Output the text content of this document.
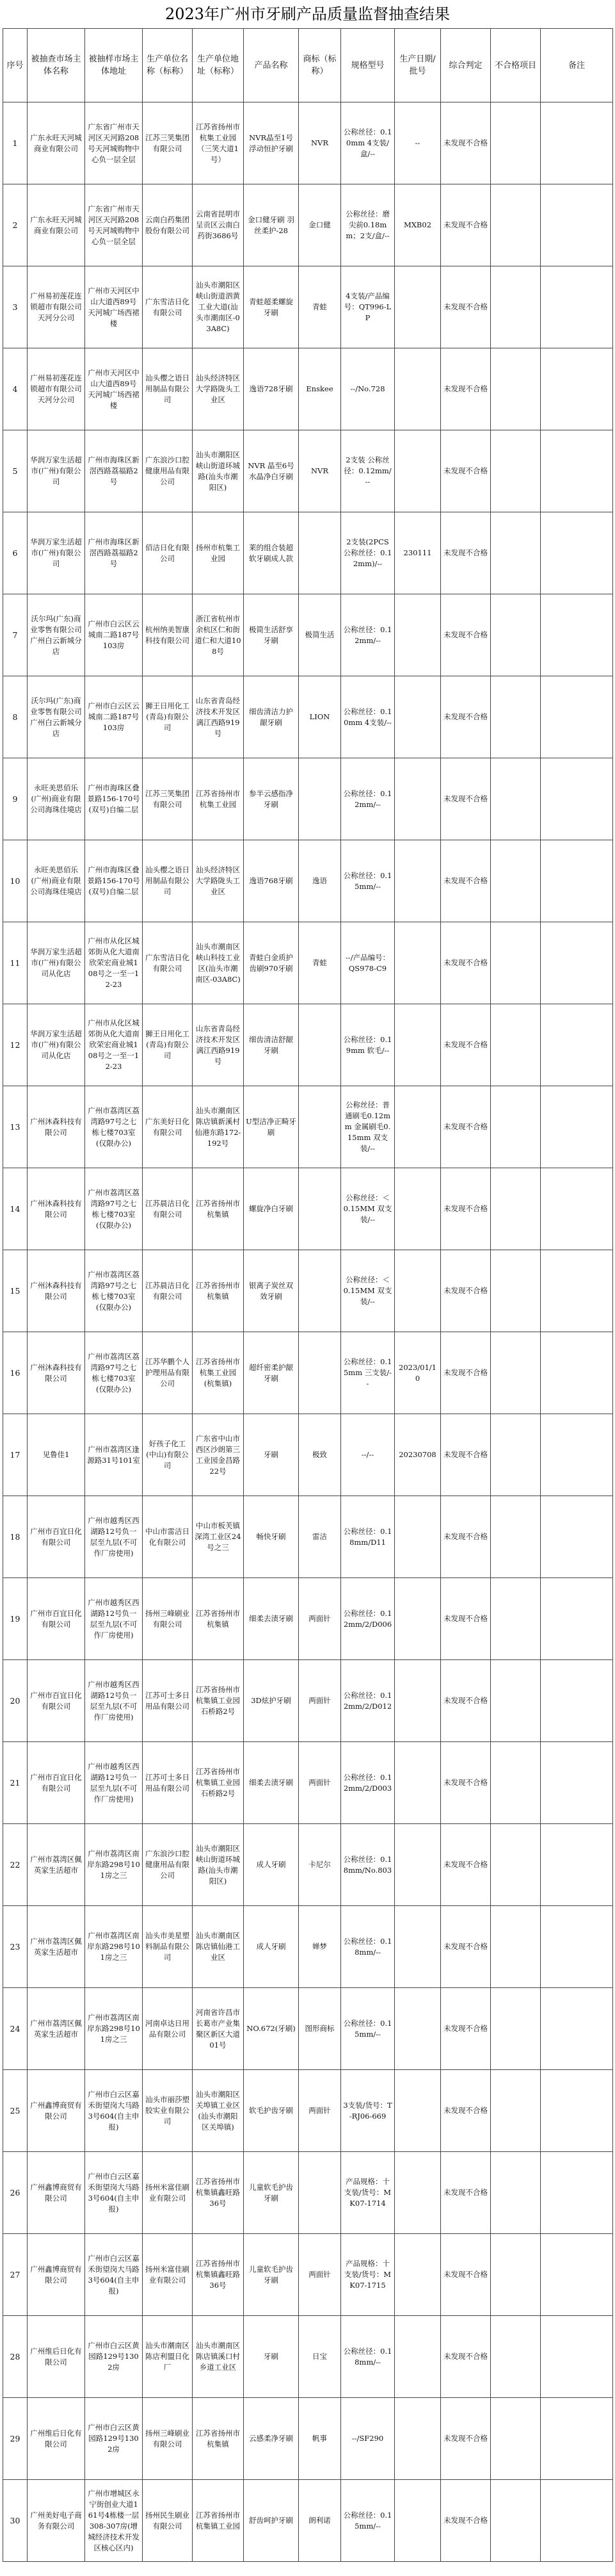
2023年广州市牙刷产品质量监督抽查结果
序号	被抽查市场主体名称	被抽样市场主体地址	生产单位名称（标称）	生产单位地址（标称）	产品名称	商标（标称）	规格型号	生产日期/批号	综合判定	不合格项目	备注
1	广东永旺天河城商业有限公司	广东省广州市天河区天河路208号天河城购物中心负一层全层	江苏三笑集团有限公司	江苏省扬州市杭集工业园（三笑大道1号）	NVR晶至1号浮动恒护牙刷	NVR	公称丝径：0.10mm 4支装/盒/--	--	未发现不合格		
2	广东永旺天河城商业有限公司	广东省广州市天河区天河路208号天河城购物中心负一层全层	云南白药集团股份有限公司	云南省昆明市呈贡区云南白药街3686号	金口健牙刷 羽丝柔护-28	金口健	公称丝径：磨尖前0.18mm；2支/盒/--	MXB02	未发现不合格		
3	广州易初莲花连锁超市有限公司天河分公司	广州市天河区中山大道西89号天河城广场西裙楼	广东雪洁日化有限公司	汕头市潮阳区峡山街道泗黄工业大道(汕头市潮南区-03A8C)	青蛙超柔螺旋牙刷	青蛙	4支装/产品编号：QT996-LP		未发现不合格		
4	广州易初莲花连锁超市有限公司天河分公司	广州市天河区中山大道西89号天河城广场西裙楼	汕头樱之语日用制品有限公司	汕头经济特区大学路陇头工业区	逸语728牙刷	Enskee	--/No.728		未发现不合格		
5	华润万家生活超市(广州)有限公司	广州市海珠区新滘西路荔福路2号	广东浪沙口腔健康用品有限公司	汕头市潮阳区峡山街道环城路(汕头市潮阳区)	NVR 晶至6号水晶净白牙刷	NVR	2支装 公称丝径：0.12mm/--		未发现不合格		
6	华润万家生活超市(广州)有限公司	广州市海珠区新滘西路荔福路2号	佰洁日化有限公司	扬州市杭集工业园	莱的组合装超软牙刷成人款		2支装(2PCS公称丝径：0.12mm)/--	230111	未发现不合格		
7	沃尔玛(广东)商业零售有限公司广州白云新城分店	广州市白云区云城南二路187号103房	杭州纳美智康科技有限公司	浙江省杭州市余杭区仁和街道仁和大道108号	极简生活舒享牙刷	极简生活	公称丝径：0.12mm/--		未发现不合格		
8	沃尔玛(广东)商业零售有限公司广州白云新城分店	广州市白云区云城南二路187号103房	狮王日用化工(青岛)有限公司	山东省青岛经济技术开发区漓江西路919号	细齿清洁力护龈牙刷	LION	公称丝径：0.10mm 4支装/--		未发现不合格		
9	永旺美思佰乐(广州)商业有限公司海珠佳境店	广州市海珠区叠景路156-170号(双号)自编二层	江苏三笑集团有限公司	江苏省扬州市杭集工业园	参半云感指净牙刷		公称丝径：0.12mm/--		未发现不合格		
10	永旺美思佰乐(广州)商业有限公司海珠佳境店	广州市海珠区叠景路156-170号(双号)自编二层	汕头樱之语日用制品有限公司	汕头经济特区大学路陇头工业区	逸语768牙刷	逸语	公称丝径：0.15mm/--		未发现不合格		
11	华润万家生活超市(广州)有限公司从化店	广州市从化区城郊街从化大道南欣荣宏商业城108号之一至一12-23	广东雪洁日化有限公司	汕头市潮南区峡山科技工业区(汕头市潮南区-03A8C)	青蛙白金质护齿刷970牙刷	青蛙	--/产品编号：QS978-C9		未发现不合格		
12	华润万家生活超市(广州)有限公司从化店	广州市从化区城郊街从化大道南欣荣宏商业城108号之一至一12-23	狮王日用化工(青岛)有限公司	山东省青岛经济技术开发区漓江西路919号	细齿清洁舒龈牙刷		公称丝径：0.19mm 软毛/--		未发现不合格		
13	广州沐森科技有限公司	广州市荔湾区荔湾路97号之七栋七楼703室(仅限办公)	广东美好日化有限公司	汕头市潮南区陈店镇新溪村仙港东路172-192号	U型洁净正畸牙刷		公称丝径：普通刷毛0.12mm 金属刷毛0.15mm 双支装/--		未发现不合格		
14	广州沐森科技有限公司	广州市荔湾区荔湾路97号之七栋七楼703室(仅限办公)	江苏晨洁日化有限公司	江苏省扬州市杭集镇	螺旋净白牙刷		公称丝径：＜0.15MM 双支装/--		未发现不合格		
15	广州沐森科技有限公司	广州市荔湾区荔湾路97号之七栋七楼703室(仅限办公)	江苏晨洁日化有限公司	江苏省扬州市杭集镇	银离子炭丝双效牙刷		公称丝径：＜0.15MM 双支装/--		未发现不合格		
16	广州沐森科技有限公司	广州市荔湾区荔湾路97号之七栋七楼703室(仅限办公)	江苏华鹏个人护理用品有限公司	江苏省扬州市杭集工业园(杭集镇)	超纤密柔护龈牙刷		公称丝径：0.15mm 三支装/--	2023/01/10	未发现不合格		
17	见鲁佳1	广州市荔湾区逢源路31号101室	好孩子化工(中山)有限公司	广东省中山市西区沙朗第三工业园金昌路22号	牙刷	极致	--/--	20230708	未发现不合格		
18	广州市百宜日化有限公司	广州市越秀区西湖路12号负一层至九层(不可作厂房使用)	中山市雷洁日化有限公司	中山市板芙镇深湾工业区24号之三	畅快牙刷	雷洁	公称丝径：0.18mm/D11		未发现不合格		
19	广州市百宜日化有限公司	广州市越秀区西湖路12号负一层至九层(不可作厂房使用)	扬州三峰刷业有限公司	江苏省扬州市杭集镇	细柔去渍牙刷	两面针	公称丝径：0.12mm/2/D006		未发现不合格		
20	广州市百宜日化有限公司	广州市越秀区西湖路12号负一层至九层(不可作厂房使用)	江苏可士多日用品有限公司	江苏省扬州市杭集镇工业园石桥路2号	3D炫护牙刷	两面针	公称丝径：0.12mm/2/D012		未发现不合格		
21	广州市百宜日化有限公司	广州市越秀区西湖路12号负一层至九层(不可作厂房使用)	江苏可士多日用品有限公司	江苏省扬州市杭集镇工业园石桥路2号	细柔去渍牙刷	两面针	公称丝径：0.12mm/2/D003		未发现不合格		
22	广州市荔湾区佩英家生活超市	广州市荔湾区南岸东路298号101房之三	广东浪沙口腔健康用品有限公司	汕头市潮阳区峡山街道环城路(汕头市潮阳区)	成人牙刷	卡尼尔	公称丝径：0.18mm/No.803		未发现不合格		
23	广州市荔湾区佩英家生活超市	广州市荔湾区南岸东路298号101房之三	汕头市美星塑料制品有限公司	汕头市潮南区陈店镇仙港工业区	成人牙刷	婵梦	公称丝径：0.18mm/--		未发现不合格		
24	广州市荔湾区佩英家生活超市	广州市荔湾区南岸东路298号101房之三	河南卓达日用品有限公司	河南省许昌市长葛市产业集聚区新区大道01号	NO.672(牙刷)	图形商标	公称丝径：0.15mm/--		未发现不合格		
25	广州鑫博商贸有限公司	广州市白云区嘉禾街望岗大马路3号604(自主申报)	汕头市丽莎塑胶实业有限公司	汕头市潮阳区关埠镇工业区(汕头市潮阳区关埠镇)	软毛护齿牙刷	两面针	3支装/货号：T-RJ06-669		未发现不合格		
26	广州鑫博商贸有限公司	广州市白云区嘉禾街望岗大马路3号604(自主申报)	扬州米富佳刷业有限公司	江苏省扬州市杭集镇鑫旺路36号	儿童软毛护齿牙刷		产品规格：十支装/货号：MK07-1714		未发现不合格		
27	广州鑫博商贸有限公司	广州市白云区嘉禾街望岗大马路3号604(自主申报)	扬州米富佳刷业有限公司	江苏省扬州市杭集镇鑫旺路36号	儿童软毛护齿牙刷	两面针	产品规格：十支装/货号：MK07-1715		未发现不合格		
28	广州维后日化有限公司	广州市白云区黄园路129号1302房	汕头市潮南区陈店利盟日化厂	汕头市潮南区陈店镇溪口村乡道工业区	牙刷	日宝	公称丝径：0.18mm/--		未发现不合格		
29	广州维后日化有限公司	广州市白云区黄园路129号1302房	扬州三峰刷业有限公司	江苏省扬州市杭集镇	云感柔净牙刷	帆事	--/SF290		未发现不合格		
30	广州美好电子商务有限公司	广州市增城区永宁街创业大道161号4栋楼一层308-307房(增城经济技术开发区核心区内)	扬州民生刷业有限公司	江苏省扬州市杭集镇工业园	舒齿呵护牙刷	朗利诺	公称丝径：0.15mm/--		未发现不合格		
